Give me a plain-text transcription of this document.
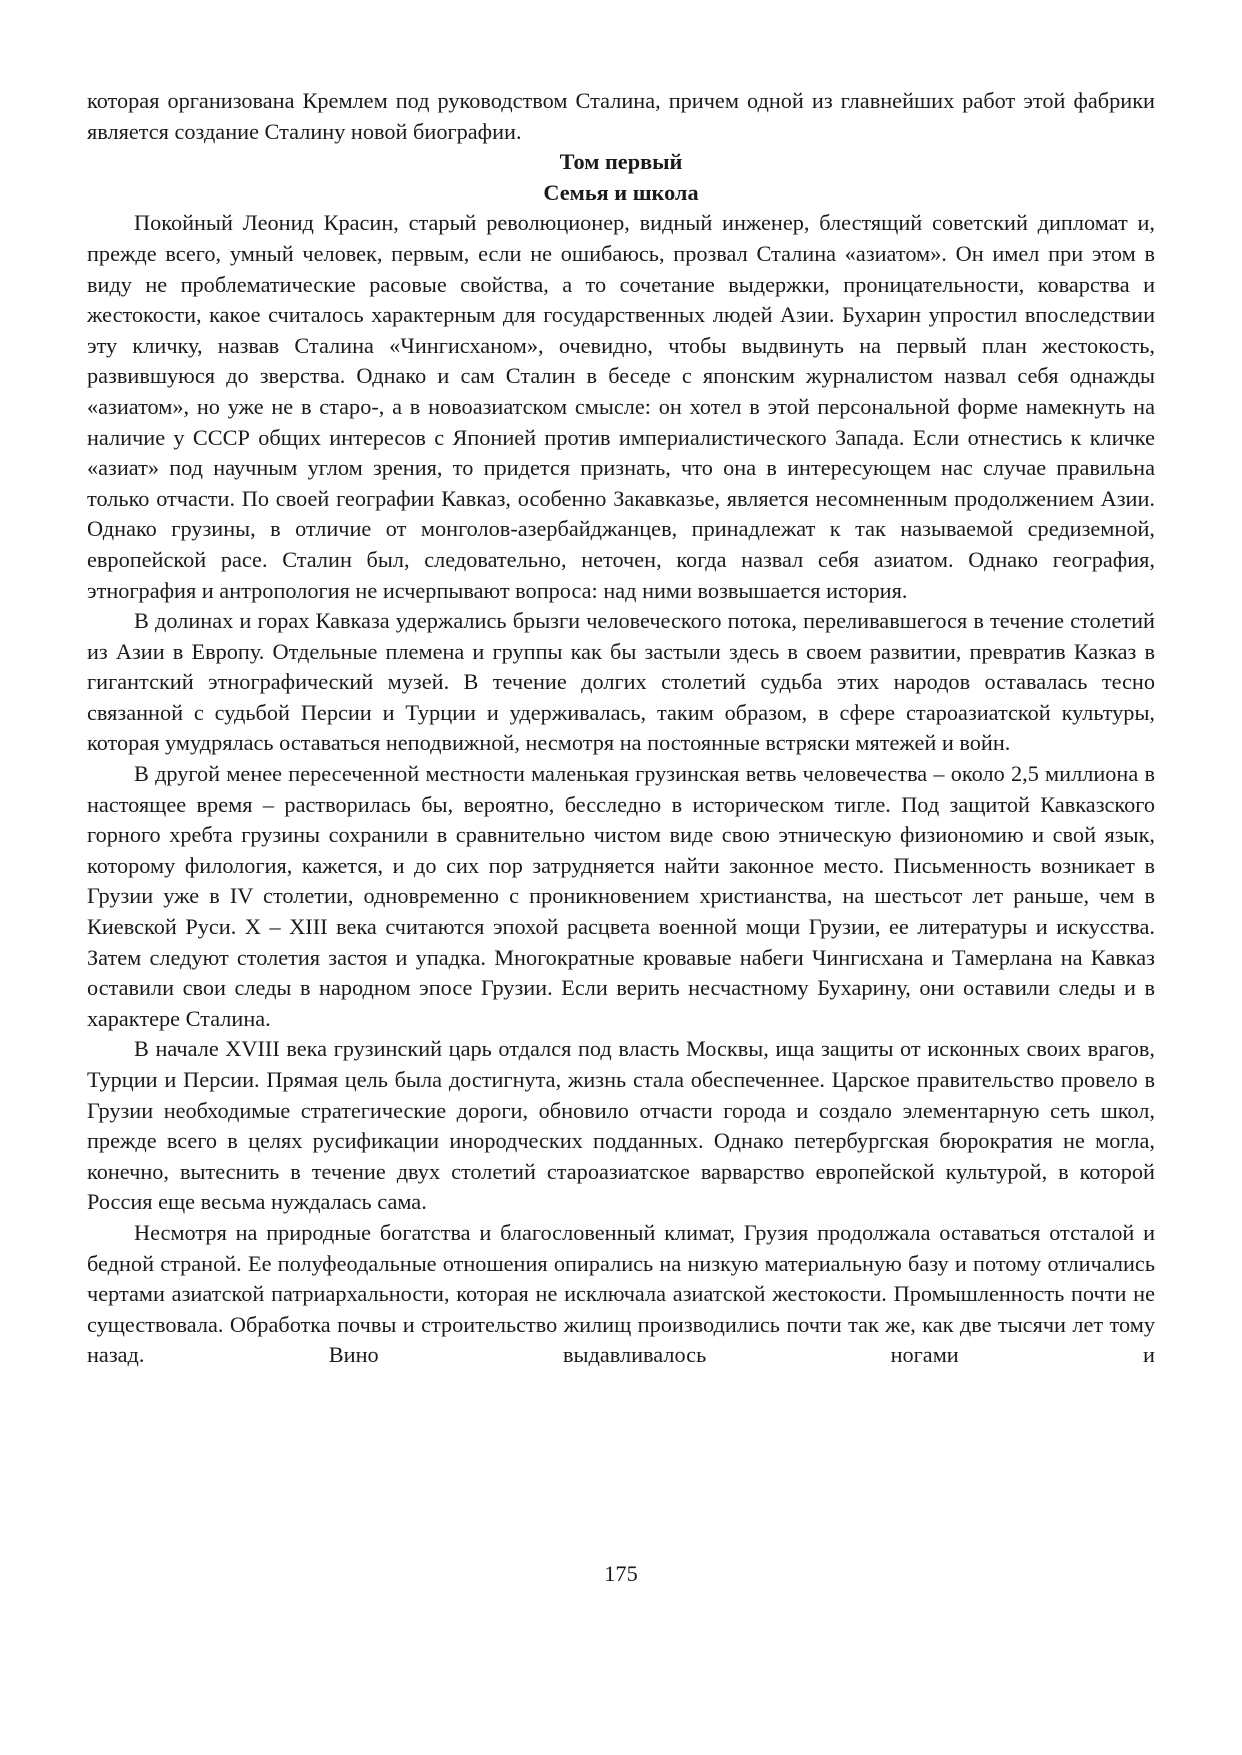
которая организована Кремлем под руководством Сталина, причем одной из главнейших работ этой фабрики является создание Сталину новой биографии.

Том первый

Семья и школа

Покойный Леонид Красин, старый революционер, видный инженер, блестящий советский дипломат и, прежде всего, умный человек, первым, если не ошибаюсь, прозвал Сталина «азиатом». Он имел при этом в виду не проблематические расовые свойства, а то сочетание выдержки, проницательности, коварства и жестокости, какое считалось характерным для государственных людей Азии. Бухарин упростил впоследствии эту кличку, назвав Сталина «Чингисханом», очевидно, чтобы выдвинуть на первый план жестокость, развившуюся до зверства. Однако и сам Сталин в беседе с японским журналистом назвал себя однажды «азиатом», но уже не в старо-, а в новоазиатском смысле: он хотел в этой персональной форме намекнуть на наличие у СССР общих интересов с Японией против империалистического Запада. Если отнестись к кличке «азиат» под научным углом зрения, то придется признать, что она в интересующем нас случае правильна только отчасти. По своей географии Кавказ, особенно Закавказье, является несомненным продолжением Азии. Однако грузины, в отличие от монголов-азербайджанцев, принадлежат к так называемой средиземной, европейской расе. Сталин был, следовательно, неточен, когда назвал себя азиатом. Однако география, этнография и антропология не исчерпывают вопроса: над ними возвышается история.

В долинах и горах Кавказа удержались брызги человеческого потока, переливавшегося в течение столетий из Азии в Европу. Отдельные племена и группы как бы застыли здесь в своем развитии, превратив Казказ в гигантский этнографический музей. В течение долгих столетий судьба этих народов оставалась тесно связанной с судьбой Персии и Турции и удерживалась, таким образом, в сфере староазиатской культуры, которая умудрялась оставаться неподвижной, несмотря на постоянные встряски мятежей и войн.

В другой менее пересеченной местности маленькая грузинская ветвь человечества – около 2,5 миллиона в настоящее время – растворилась бы, вероятно, бесследно в историческом тигле. Под защитой Кавказского горного хребта грузины сохранили в сравнительно чистом виде свою этническую физиономию и свой язык, которому филология, кажется, и до сих пор затрудняется найти законное место. Письменность возникает в Грузии уже в IV столетии, одновременно с проникновением христианства, на шестьсот лет раньше, чем в Киевской Руси. Х – XIII века считаются эпохой расцвета военной мощи Грузии, ее литературы и искусства. Затем следуют столетия застоя и упадка. Многократные кровавые набеги Чингисхана и Тамерлана на Кавказ оставили свои следы в народном эпосе Грузии. Если верить несчастному Бухарину, они оставили следы и в характере Сталина.

В начале XVIII века грузинский царь отдался под власть Москвы, ища защиты от исконных своих врагов, Турции и Персии. Прямая цель была достигнута, жизнь стала обеспеченнее. Царское правительство провело в Грузии необходимые стратегические дороги, обновило отчасти города и создало элементарную сеть школ, прежде всего в целях русификации инородческих подданных. Однако петербургская бюрократия не могла, конечно, вытеснить в течение двух столетий староазиатское варварство европейской культурой, в которой Россия еще весьма нуждалась сама.

Несмотря на природные богатства и благословенный климат, Грузия продолжала оставаться отсталой и бедной страной. Ее полуфеодальные отношения опирались на низкую материальную базу и потому отличались чертами азиатской патриархальности, которая не исключала азиатской жестокости. Промышленность почти не существовала. Обработка почвы и строительство жилищ производились почти так же, как две тысячи лет тому назад. Вино выдавливалось ногами и

175
